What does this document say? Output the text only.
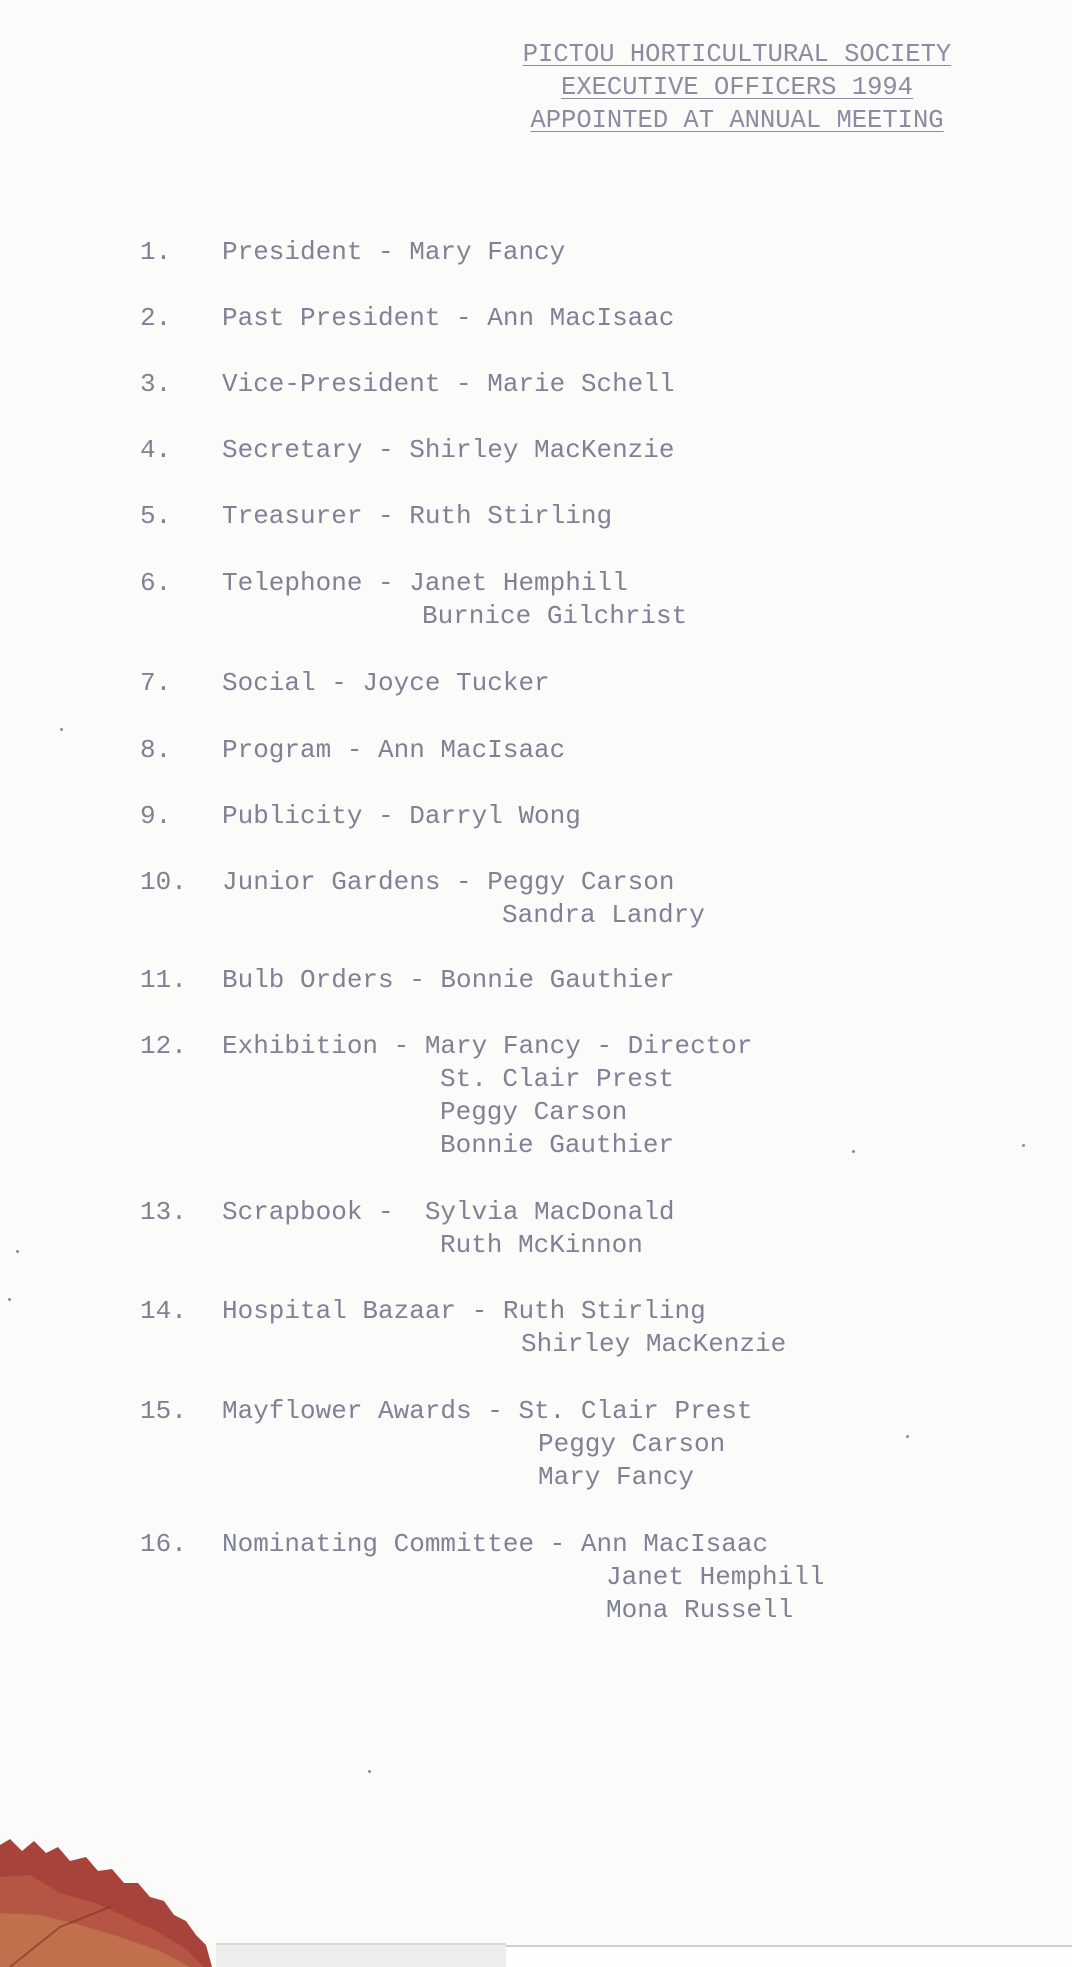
PICTOU HORTICULTURAL SOCIETY
EXECUTIVE OFFICERS 1994
APPOINTED AT ANNUAL MEETING
1.	President - Mary Fancy
2.	Past President - Ann MacIsaac
3.	Vice-President - Marie Schell
4.	Secretary - Shirley MacKenzie
5.	Treasurer - Ruth Stirling
6.	Telephone - Janet Hemphill
Burnice Gilchrist
7.	Social - Joyce Tucker
8.	Program - Ann MacIsaac
9.	Publicity - Darryl Wong
10.	Junior Gardens - Peggy Carson
Sandra Landry
11.	Bulb Orders - Bonnie Gauthier
12.	Exhibition - Mary Fancy - Director
St. Clair Prest
Peggy Carson
Bonnie Gauthier
13.	Scrapbook -  Sylvia MacDonald
Ruth McKinnon
14.	Hospital Bazaar - Ruth Stirling
Shirley MacKenzie
15.	Mayflower Awards - St. Clair Prest
Peggy Carson
Mary Fancy
16.	Nominating Committee - Ann MacIsaac
Janet Hemphill
Mona Russell
